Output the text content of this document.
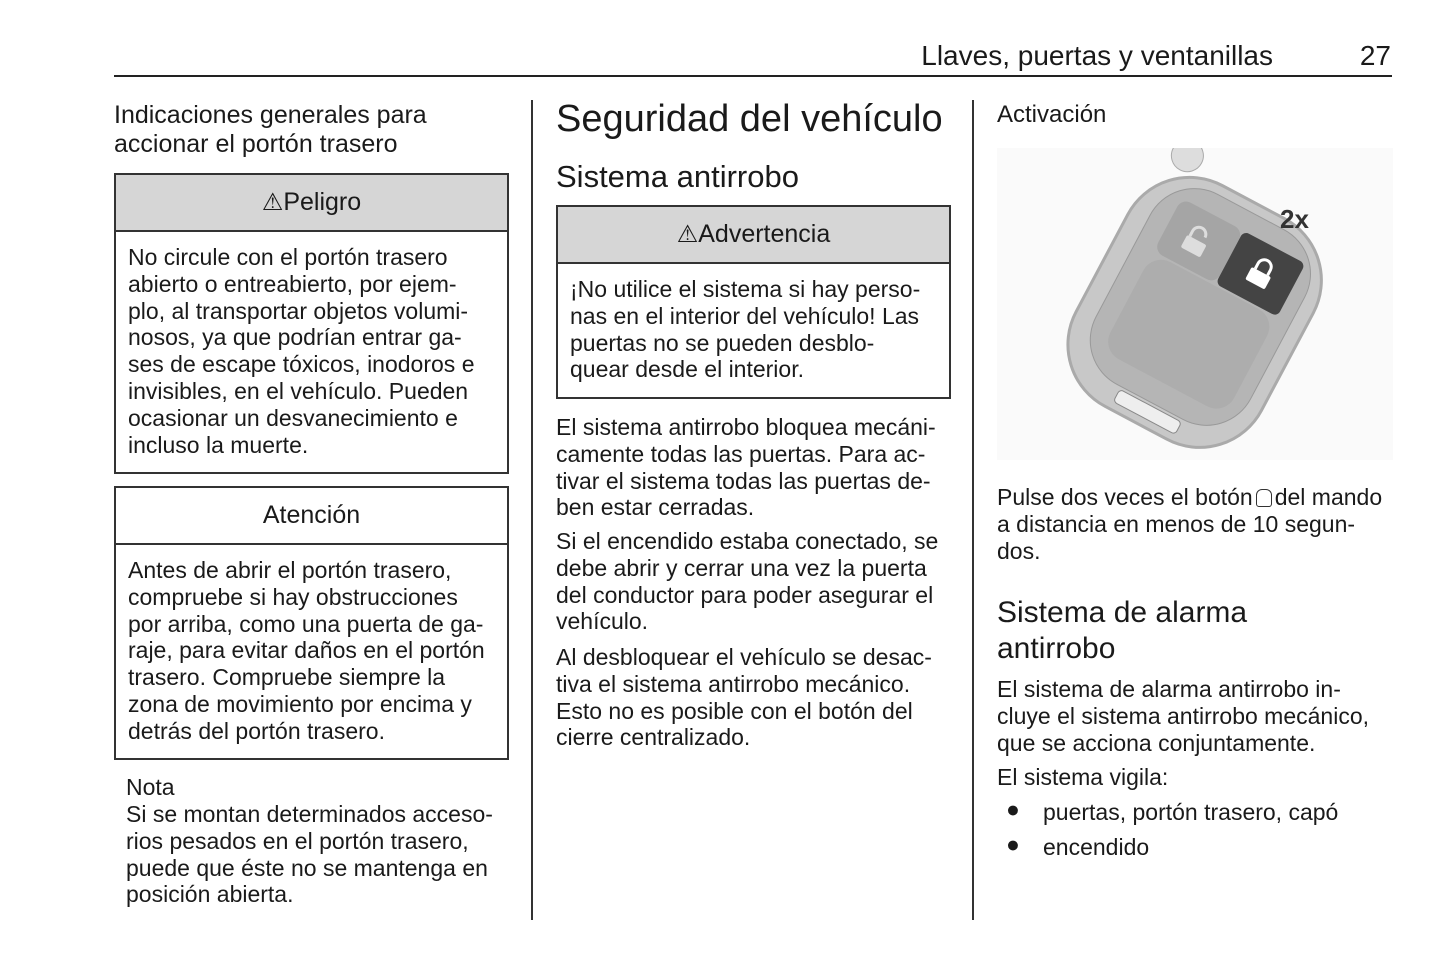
Llaves, puertas y ventanillas	27
Indicaciones generales para
accionar el portón trasero
⚠ Peligro
No circule con el portón trasero
abierto o entreabierto, por ejem-
plo, al transportar objetos volumi-
nosos, ya que podrían entrar ga-
ses de escape tóxicos, inodoros e
invisibles, en el vehículo. Pueden
ocasionar un desvanecimiento e
incluso la muerte.
Atención
Antes de abrir el portón trasero,
compruebe si hay obstrucciones
por arriba, como una puerta de ga-
raje, para evitar daños en el portón
trasero. Compruebe siempre la
zona de movimiento por encima y
detrás del portón trasero.
Nota
Si se montan determinados acceso-
rios pesados en el portón trasero,
puede que éste no se mantenga en
posición abierta.
Seguridad del vehículo
Sistema antirrobo
⚠ Advertencia
¡No utilice el sistema si hay perso-
nas en el interior del vehículo! Las
puertas no se pueden desblo-
quear desde el interior.
El sistema antirrobo bloquea mecáni-
camente todas las puertas. Para ac-
tivar el sistema todas las puertas de-
ben estar cerradas.
Si el encendido estaba conectado, se
debe abrir y cerrar una vez la puerta
del conductor para poder asegurar el
vehículo.
Al desbloquear el vehículo se desac-
tiva el sistema antirrobo mecánico.
Esto no es posible con el botón del
cierre centralizado.
Activación
2x
Pulse dos veces el botón del mando
a distancia en menos de 10 segun-
dos.
Sistema de alarma
antirrobo
El sistema de alarma antirrobo in-
cluye el sistema antirrobo mecánico,
que se acciona conjuntamente.
El sistema vigila:
● puertas, portón trasero, capó
● encendido
